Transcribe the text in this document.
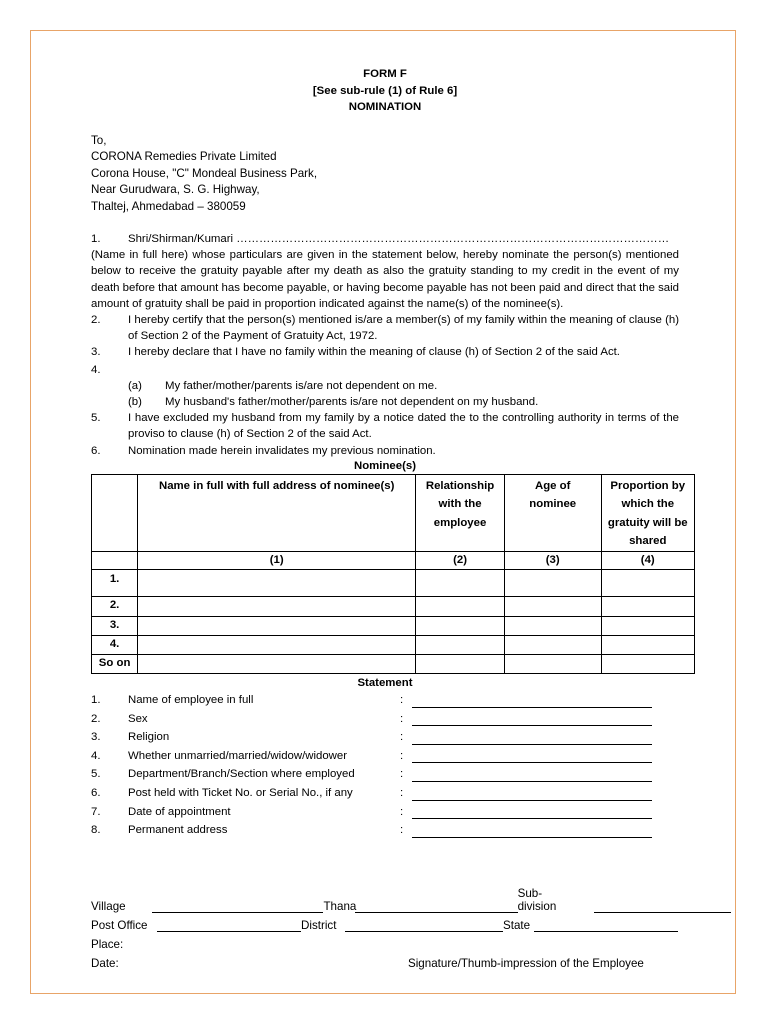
FORM F
[See sub-rule (1) of Rule 6]
NOMINATION
To,
CORONA Remedies Private Limited
Corona House, "C" Mondeal Business Park,
Near Gurudwara, S. G. Highway,
Thaltej, Ahmedabad – 380059
1.	Shri/Shirman/Kumari ……………………………………………………………………………………………………
(Name in full here) whose particulars are given in the statement below, hereby nominate the person(s) mentioned below to receive the gratuity payable after my death as also the gratuity standing to my credit in the event of my death before that amount has become payable, or having become payable has not been paid and direct that the said amount of gratuity shall be paid in proportion indicated against the name(s) of the nominee(s).
2.	I hereby certify that the person(s) mentioned is/are a member(s) of my family within the meaning of clause (h) of Section 2 of the Payment of Gratuity Act, 1972.
3.	I hereby declare that I have no family within the meaning of clause (h) of Section 2 of the said Act.
4.
(a)	My father/mother/parents is/are not dependent on me.
(b)	My husband's father/mother/parents is/are not dependent on my husband.
5.	I have excluded my husband from my family by a notice dated the to the controlling authority in terms of the proviso to clause (h) of Section 2 of the said Act.
6.	Nomination made herein invalidates my previous nomination.
Nominee(s)
	Name in full with full address of nominee(s)	Relationship with the employee	Age of nominee	Proportion by which the gratuity will be shared
	(1)	(2)	(3)	(4)
1.				
2.				
3.				
4.				
So on				
Statement
1.	Name of employee in full	:
2.	Sex	:
3.	Religion	:
4.	Whether unmarried/married/widow/widower	:
5.	Department/Branch/Section where employed	:
6.	Post held with Ticket No. or Serial No., if any	:
7.	Date of appointment	:
8.	Permanent address	:
Village	Thana
Sub-division
Post Office	District	State
Place:
Date:	Signature/Thumb-impression of the Employee
